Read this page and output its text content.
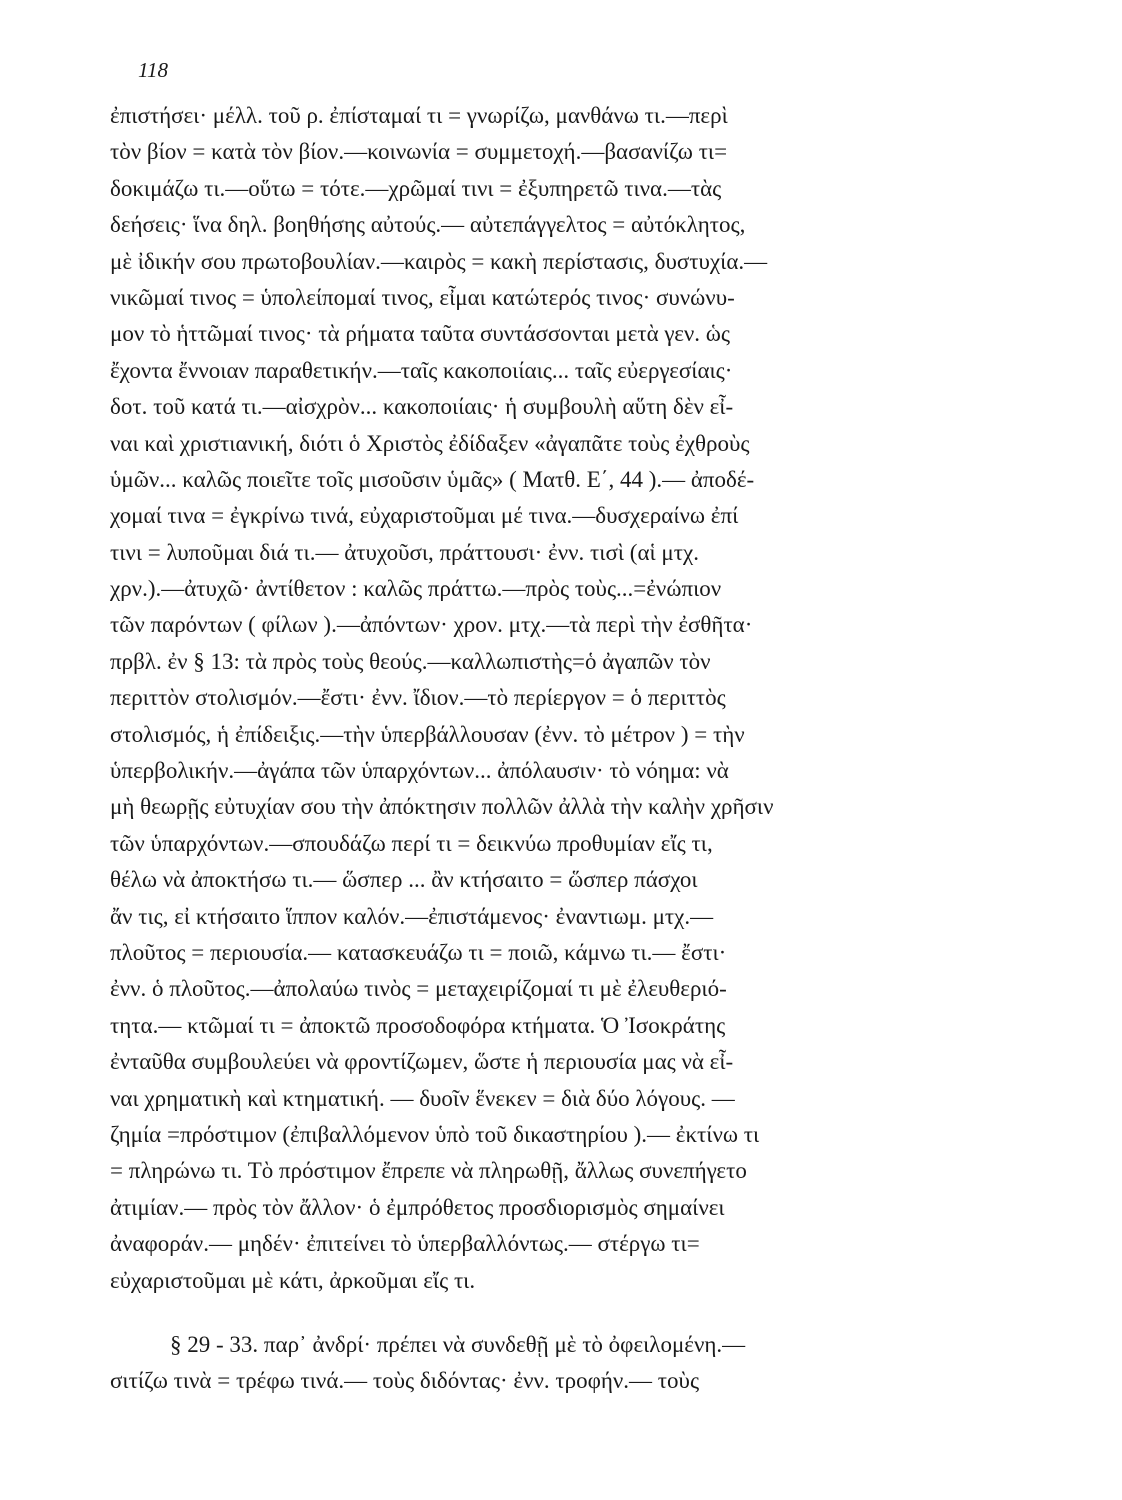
118
ἐπιστήσει· μέλλ. τοῦ ρ. ἐπίσταμαί τι = γνωρίζω, μανθάνω τι.—περὶ
τὸν βίον = κατὰ τὸν βίον.—κοινωνία = συμμετοχή.—βασανίζω τι=
δοκιμάζω τι.—οὕτω = τότε.—χρῶμαί τινι = ἐξυπηρετῶ τινα.—τὰς
δεήσεις· ἵνα δηλ. βοηθήσης αὐτούς.— αὐτεπάγγελτος = αὐτόκλητος,
μὲ ἰδικήν σου πρωτοβουλίαν.—καιρὸς = κακὴ περίστασις, δυστυχία.—
νικῶμαί τινος = ὑπολείπομαί τινος, εἶμαι κατώτερός τινος· συνώνυ-
μον τὸ ἡττῶμαί τινος· τὰ ρήματα ταῦτα συντάσσονται μετὰ γεν. ὡς
ἔχοντα ἔννοιαν παραθετικήν.—ταῖς κακοποιίαις... ταῖς εὐεργεσίαις·
δοτ. τοῦ κατά τι.—αἰσχρὸν... κακοποιίαις· ἡ συμβουλὴ αὕτη δὲν εἶ-
ναι καὶ χριστιανική, διότι ὁ Χριστὸς ἐδίδαξεν «ἀγαπᾶτε τοὺς ἐχθροὺς
ὑμῶν... καλῶς ποιεῖτε τοῖς μισοῦσιν ὑμᾶς» ( Ματθ. Ε΄, 44 ).— ἀποδέ-
χομαί τινα = ἐγκρίνω τινά, εὐχαριστοῦμαι μέ τινα.—δυσχεραίνω ἐπί
τινι = λυποῦμαι διά τι.— ἀτυχοῦσι, πράττουσι· ἐνν. τισὶ (αἱ μτχ.
χρν.).—ἀτυχῶ· ἀντίθετον : καλῶς πράττω.—πρὸς τοὺς...=ἐνώπιον
τῶν παρόντων ( φίλων ).—ἀπόντων· χρον. μτχ.—τὰ περὶ τὴν ἐσθῆτα·
πρβλ. ἐν § 13: τὰ πρὸς τοὺς θεούς.—καλλωπιστὴς=ὁ ἀγαπῶν τὸν
περιττὸν στολισμόν.—ἔστι· ἐνν. ἴδιον.—τὸ περίεργον = ὁ περιττὸς
στολισμός, ἡ ἐπίδειξις.—τὴν ὑπερβάλλουσαν (ἐνν. τὸ μέτρον ) = τὴν
ὑπερβολικήν.—ἀγάπα τῶν ὑπαρχόντων... ἀπόλαυσιν· τὸ νόημα: νὰ
μὴ θεωρῇς εὐτυχίαν σου τὴν ἀπόκτησιν πολλῶν ἀλλὰ τὴν καλὴν χρῆσιν
τῶν ὑπαρχόντων.—σπουδάζω περί τι = δεικνύω προθυμίαν εἴς τι,
θέλω νὰ ἀποκτήσω τι.— ὥσπερ ... ἂν κτήσαιτο = ὥσπερ πάσχοι
ἄν τις, εἰ κτήσαιτο ἵππον καλόν.—ἐπιστάμενος· ἐναντιωμ. μτχ.—
πλοῦτος = περιουσία.— κατασκευάζω τι = ποιῶ, κάμνω τι.— ἔστι·
ἐνν. ὁ πλοῦτος.—ἀπολαύω τινὸς = μεταχειρίζομαί τι μὲ ἐλευθεριό-
τητα.— κτῶμαί τι = ἀποκτῶ προσοδοφόρα κτήματα. Ὁ Ἰσοκράτης
ἐνταῦθα συμβουλεύει νὰ φροντίζωμεν, ὥστε ἡ περιουσία μας νὰ εἶ-
ναι χρηματικὴ καὶ κτηματική. — δυοῖν ἕνεκεν = διὰ δύο λόγους. —
ζημία =πρόστιμον (ἐπιβαλλόμενον ὑπὸ τοῦ δικαστηρίου ).— ἐκτίνω τι
= πληρώνω τι. Τὸ πρόστιμον ἔπρεπε νὰ πληρωθῇ, ἄλλως συνεπήγετο
ἀτιμίαν.— πρὸς τὸν ἄλλον· ὁ ἐμπρόθετος προσδιορισμὸς σημαίνει
ἀναφοράν.— μηδέν· ἐπιτείνει τὸ ὑπερβαλλόντως.— στέργω τι=
εὐχαριστοῦμαι μὲ κάτι, ἀρκοῦμαι εἴς τι.
§ 29 - 33. παρ᾽ ἀνδρί· πρέπει νὰ συνδεθῇ μὲ τὸ ὀφειλομένη.—
σιτίζω τινὰ = τρέφω τινά.— τοὺς διδόντας· ἐνν. τροφήν.— τοὺς
